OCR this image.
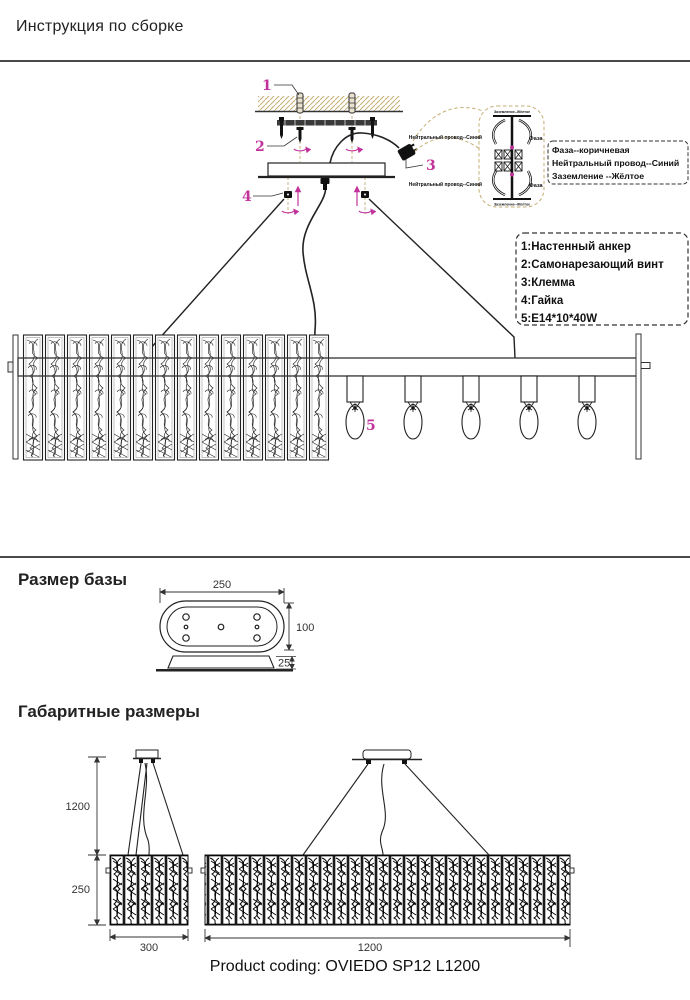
Инструкция по сборке
Заземление--Жёлтое
Заземление--Жёлтое
Нейтральный провод--Синий	Фаза
Нейтральный провод--Синий	Фаза
Фаза--коричневая
Нейтральный провод--Синий
Заземление --Жёлтое
1:Настенный анкер
2:Самонарезающий винт
3:Клемма
4:Гайка
5:E14*10*40W
1
2
3
4
5
Размер базы	250
100
25
Габаритные размеры
1200
250
300	1200
Product coding: OVIEDO SP12 L1200
